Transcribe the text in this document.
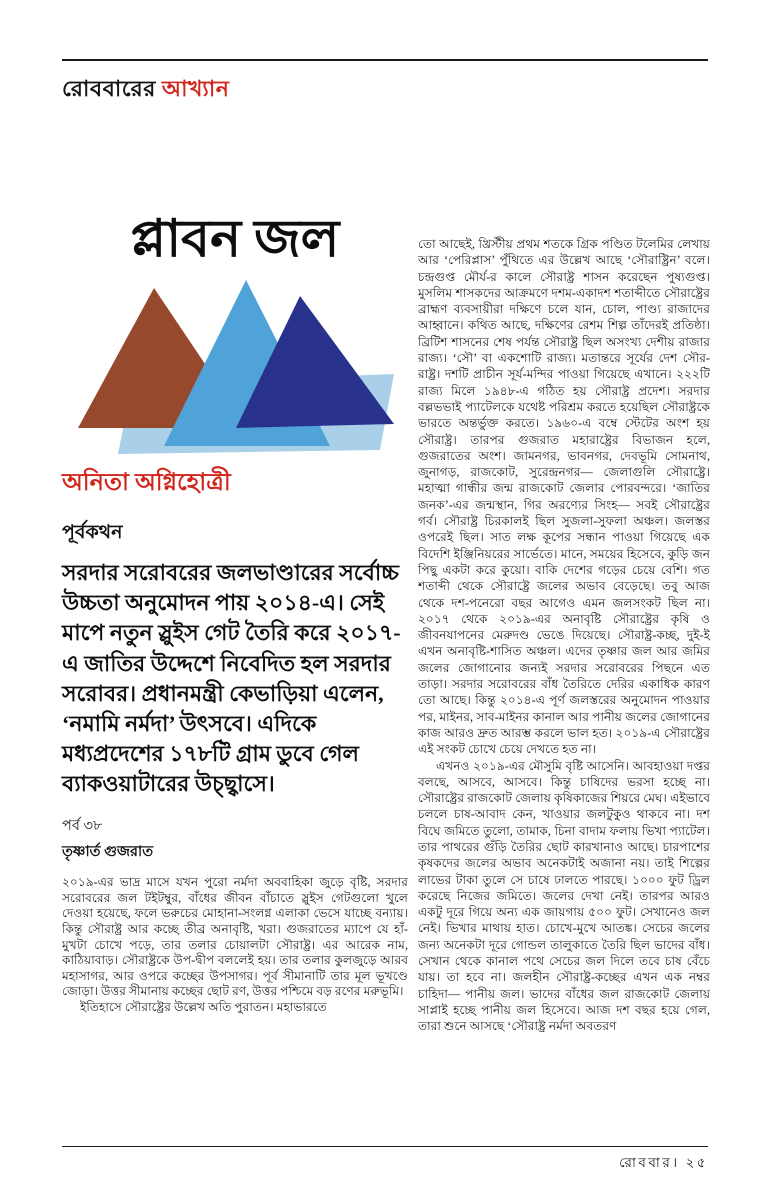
রোববারের আখ্যান
প্লাবন জল
অনিতা অগ্নিহোত্রী
পূর্বকথন

সরদার সরোবরের জলভাণ্ডারের সর্বোচ্চ উচ্চতা অনুমোদন পায় ২০১৪-এ। সেই মাপে নতুন স্লুইস গেট তৈরি করে ২০১৭-এ জাতির উদ্দেশে নিবেদিত হল সরদার সরোবর। প্রধানমন্ত্রী কেভাড়িয়া এলেন, ‘নমামি নর্মদা’ উৎসবে। এদিকে মধ্যপ্রদেশের ১৭৮টি গ্রাম ডুবে গেল ব্যাকওয়াটারের উচ্ছ্বাসে।

পর্ব ৩৮
তৃষ্ণার্ত গুজরাত

২০১৯-এর ভাদ্র মাসে যখন পুরো নর্মদা অববাহিকা জুড়ে বৃষ্টি, সরদার সরোবরের জল টইটম্বুর, বাঁধের জীবন বাঁচাতে স্লুইস গেটগুলো খুলে দেওয়া হয়েছে, ফলে ভরুচের মোহানা-সংলগ্ন এলাকা ভেসে যাচ্ছে বন্যায়। কিন্তু সৌরাষ্ট্র আর কচ্ছে তীব্র অনাবৃষ্টি, খরা। গুজরাতের ম্যাপে যে হাঁ-মুখটা চোখে পড়ে, তার তলার চোয়ালটা সৌরাষ্ট্র। এর আরেক নাম, কাঠিয়াবাড়। সৌরাষ্ট্রকে উপ-দ্বীপ বললেই হয়। তার তলার কুলজুড়ে আরব মহাসাগর, আর ওপরে কচ্ছের উপসাগর। পূর্ব সীমানাটি তার মূল ভূখণ্ডে জোড়া। উত্তর সীমানায় কচ্ছের ছোট রণ, উত্তর পশ্চিমে বড় রণের মরুভূমি।

ইতিহাসে সৌরাষ্ট্রের উল্লেখ অতি পুরাতন। মহাভারতে

তো আছেই, খ্রিস্টীয় প্রথম শতকে গ্রিক পণ্ডিত টলেমির লেখায় আর ‘পেরিপ্লাস’ পুঁথিতে এর উল্লেখ আছে ‘সৌরাষ্ট্রিন’ বলে। চন্দ্রগুপ্ত মৌর্য-র কালে সৌরাষ্ট্র শাসন করেছেন পুষ্যগুপ্ত। মুসলিম শাসকদের আক্রমণে দশম-একাদশ শতাব্দীতে সৌরাষ্ট্রের ব্রাহ্মণ ব্যবসায়ীরা দক্ষিণে চলে যান, চোল, পাণ্ড্য রাজাদের আহ্বানে। কথিত আছে, দক্ষিণের রেশম শিল্প তাঁদেরই প্রতিষ্ঠা। ব্রিটিশ শাসনের শেষ পর্যন্ত সৌরাষ্ট্র ছিল অসংখ্য দেশীয় রাজার রাজ্য। ‘সৌ’ বা একশোটি রাজ্য। মতান্তরে সূর্যের দেশ সৌর-রাষ্ট্র। দশটি প্রাচীন সূর্য-মন্দির পাওয়া গিয়েছে এখানে। ২২২টি রাজ্য মিলে ১৯৪৮-এ গঠিত হয় সৌরাষ্ট্র প্রদেশ। সরদার বল্লভভাই প্যাটেলকে যথেষ্ট পরিশ্রম করতে হয়েছিল সৌরাষ্ট্রকে ভারতে অন্তর্ভুক্ত করতে। ১৯৬০-এ বম্বে স্টেটের অংশ হয় সৌরাষ্ট্র। তারপর গুজরাত মহারাষ্ট্রের বিভাজন হলে, গুজরাতের অংশ। জামনগর, ভাবনগর, দেবভূমি সোমনাথ, জুনাগড়, রাজকোট, সুরেন্দ্রনগর— জেলাগুলি সৌরাষ্ট্রে। মহাত্মা গান্ধীর জন্ম রাজকোট জেলার পোরবন্দরে। ‘জাতির জনক’-এর জন্মস্থান, গির অরণ্যের সিংহ— সবই সৌরাষ্ট্রের গর্ব। সৌরাষ্ট্র চিরকালই ছিল সুজলা-সুফলা অঞ্চল। জলস্তর ওপরেই ছিল। সাত লক্ষ কূপের সন্ধান পাওয়া গিয়েছে এক বিদেশি ইঞ্জিনিয়রের সার্ভেতে। মানে, সময়ের হিসেবে, কুড়ি জন পিছু একটা করে কুয়ো। বাকি দেশের গড়ের চেয়ে বেশি। গত শতাব্দী থেকে সৌরাষ্ট্রে জলের অভাব বেড়েছে। তবু আজ থেকে দশ-পনেরো বছর আগেও এমন জলসংকট ছিল না। ২০১৭ থেকে ২০১৯-এর অনাবৃষ্টি সৌরাষ্ট্রের কৃষি ও জীবনযাপনের মেরুদণ্ড ভেঙে দিয়েছে। সৌরাষ্ট্র-কচ্ছ, দুই-ই এখন অনাবৃষ্টি-শাসিত অঞ্চল। এদের তৃষ্ণার জল আর জমির জলের জোগানোর জন্যই সরদার সরোবরের পিছনে এত তাড়া। সরদার সরোবরের বাঁধ তৈরিতে দেরির একাধিক কারণ তো আছে। কিন্তু ২০১৪-এ পূর্ণ জলস্তরের অনুমোদন পাওয়ার পর, মাইনর, সাব-মাইনর কানাল আর পানীয় জলের জোগানের কাজ আরও দ্রুত আরম্ভ করলে ভাল হত। ২০১৯-এ সৌরাষ্ট্রের এই সংকট চোখে চেয়ে দেখতে হত না।

এখনও ২০১৯-এর মৌসুমি বৃষ্টি আসেনি। আবহাওয়া দপ্তর বলছে, আসবে, আসবে। কিন্তু চাষিদের ভরসা হচ্ছে না। সৌরাষ্ট্রের রাজকোট জেলায় কৃষিকাজের শিয়রে মেঘ। এইভাবে চললে চাষ-আবাদ কেন, খাওয়ার জলটুকুও থাকবে না। দশ বিঘে জমিতে তুলো, তামাক, চিনা বাদাম ফলায় ভিখা প্যাটেল। তার পাথরের গুঁড়ি তৈরির ছোট কারখানাও আছে। চারপাশের কৃষকদের জলের অভাব অনেকটাই অজানা নয়। তাই শিল্পের লাভের টাকা তুলে সে চাষে ঢালতে পারছে। ১০০০ ফুট ড্রিল করেছে নিজের জমিতে। জলের দেখা নেই। তারপর আরও একটু দূরে গিয়ে অন্য এক জায়গায় ৫০০ ফুট। সেখানেও জল নেই। ভিখার মাথায় হাত। চোখে-মুখে আতঙ্ক। সেচের জলের জন্য অনেকটা দূরে গোন্ডল তালুকাতে তৈরি ছিল ভাদের বাঁধ। সেখান থেকে কানাল পথে সেচের জল দিলে তবে চাষ বেঁচে যায়। তা হবে না। জলহীন সৌরাষ্ট্র-কচ্ছের এখন এক নম্বর চাহিদা— পানীয় জল। ভাদের বাঁধের জল রাজকোট জেলায় সাপ্লাই হচ্ছে পানীয় জল হিসেবে। আজ দশ বছর হয়ে গেল, তারা শুনে আসছে ‘সৌরাষ্ট্র নর্মদা অবতরণ

রোববার। ২৫
